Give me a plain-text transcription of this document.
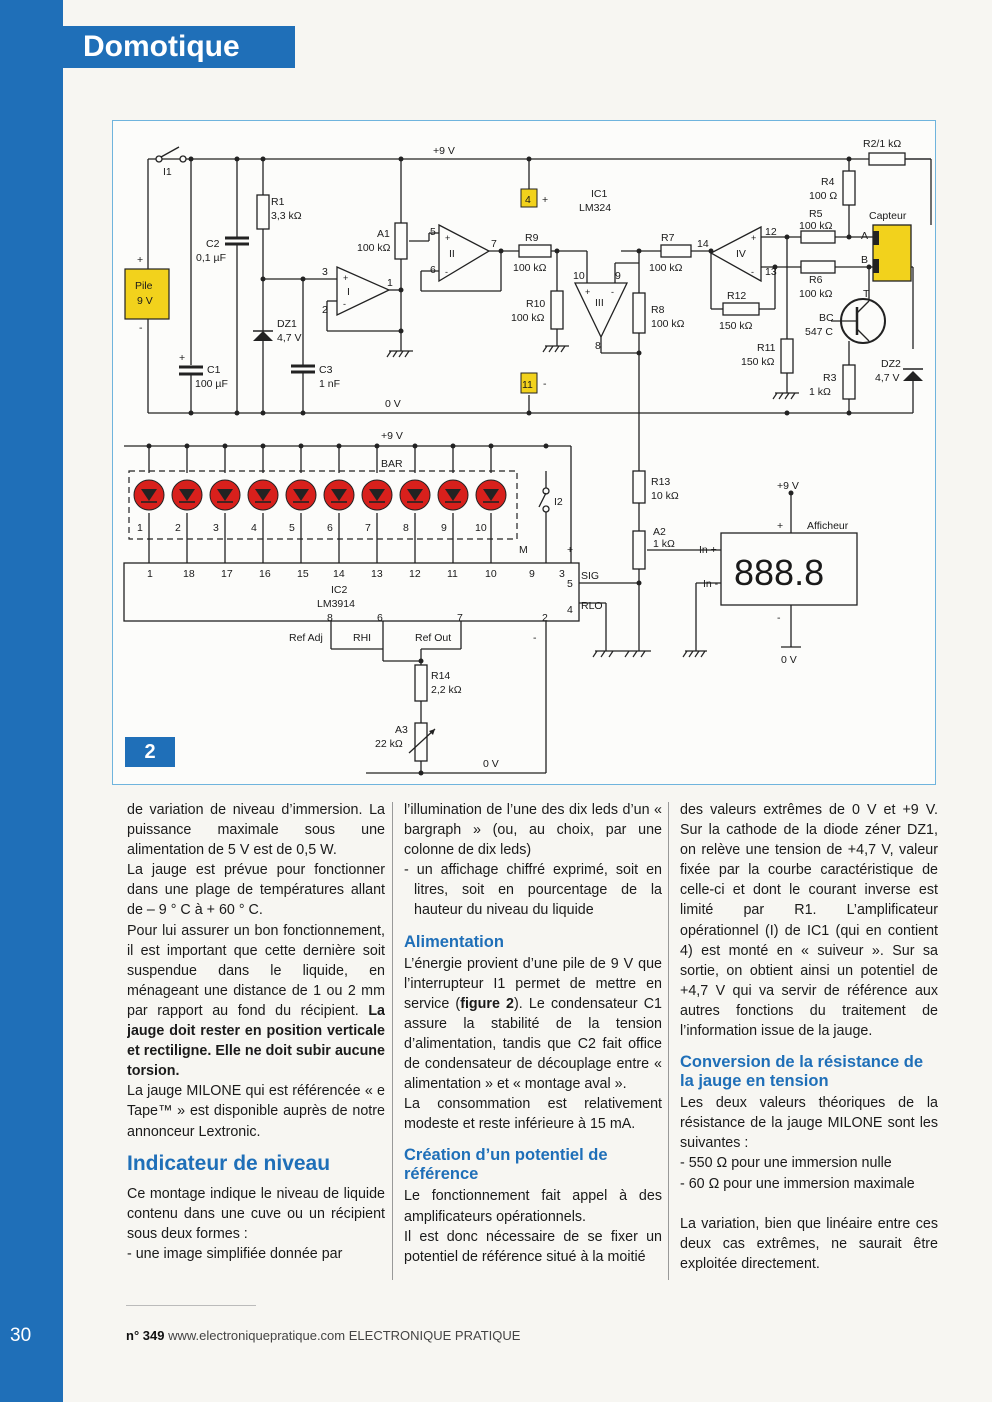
Domotique
+9 V
0 V
+9 V
0 V
I1
I2
Pile
9 V
+
-
R1
3,3 kΩ
C2
0,1 µF
C1
100 µF
+
C3
1 nF
DZ1
4,7 V
A1
100 kΩ
I
II
III
IV
R9
100 kΩ
R10
100 kΩ
R7
100 kΩ
R8
100 kΩ
R12
150 kΩ
R11
150 kΩ
R2/1 kΩ
R4
100 Ω
R5
100 kΩ
R6
100 kΩ
R3
1 kΩ
Capteur
A
B
T
BC
547 C
DZ2
4,7 V
IC1
LM324
4 +
11 -
BAR
R13
10 kΩ
A2
1 kΩ
IC2
LM3914
SIG
RLO
M	+
-
Ref Adj	RHI	Ref Out
R14
2,2 kΩ
A3
22 kΩ
+9 V
+ Afficheur
-
0 V
In +
In -
3
2
1
5
6
7
10	9
8
12
13
14
+
-
+
-
+ -
+
-
5
4
8	6	7	2
1	2	3	4	5	6	7	8	9	10
1	18	17	16	15 14	13	12	11	10	9 3	888.8
2

de variation de niveau d’immersion. La puissance maximale sous une alimentation de 5 V est de 0,5 W.

La jauge est prévue pour fonctionner dans une plage de températures allant de – 9 ° C à + 60 ° C.

Pour lui assurer un bon fonctionnement, il est important que cette dernière soit suspendue dans le liquide, en ménageant une distance de 1 ou 2 mm par rapport au fond du récipient. La jauge doit rester en position verticale et rectiligne. Elle ne doit subir aucune torsion.

La jauge MILONE qui est référencée « e Tape™ » est disponible auprès de notre annonceur Lextronic.

Indicateur de niveau

Ce montage indique le niveau de liquide contenu dans une cuve ou un récipient sous deux formes :

- une image simplifiée donnée par

l’illumination de l’une des dix leds d’un « bargraph » (ou, au choix, par une colonne de dix leds)

- un affichage chiffré exprimé, soit en litres, soit en pourcentage de la hauteur du niveau du liquide

Alimentation

L’énergie provient d’une pile de 9 V que l’interrupteur I1 permet de mettre en service (figure 2). Le condensateur C1 assure la stabilité de la tension d’alimentation, tandis que C2 fait office de condensateur de découplage entre « alimentation » et « montage aval ».

La consommation est relativement modeste et reste inférieure à 15 mA.

Création d’un potentiel de référence

Le fonctionnement fait appel à des amplificateurs opérationnels.

Il est donc nécessaire de se fixer un potentiel de référence situé à la moitié

des valeurs extrêmes de 0 V et +9 V. Sur la cathode de la diode zéner DZ1, on relève une tension de +4,7 V, valeur fixée par la courbe caractéristique de celle-ci et dont le courant inverse est limité par R1. L’amplificateur opérationnel (I) de IC1 (qui en contient 4) est monté en « suiveur ». Sur sa sortie, on obtient ainsi un potentiel de +4,7 V qui va servir de référence aux autres fonctions du traitement de l’information issue de la jauge.

Conversion de la résistance de la jauge en tension

Les deux valeurs théoriques de la résistance de la jauge MILONE sont les suivantes :

- 550 Ω pour une immersion nulle

- 60 Ω pour une immersion maximale

La variation, bien que linéaire entre ces deux cas extrêmes, ne saurait être exploitée directement.

30	n° 349 www.electroniquepratique.com ELECTRONIQUE PRATIQUE
